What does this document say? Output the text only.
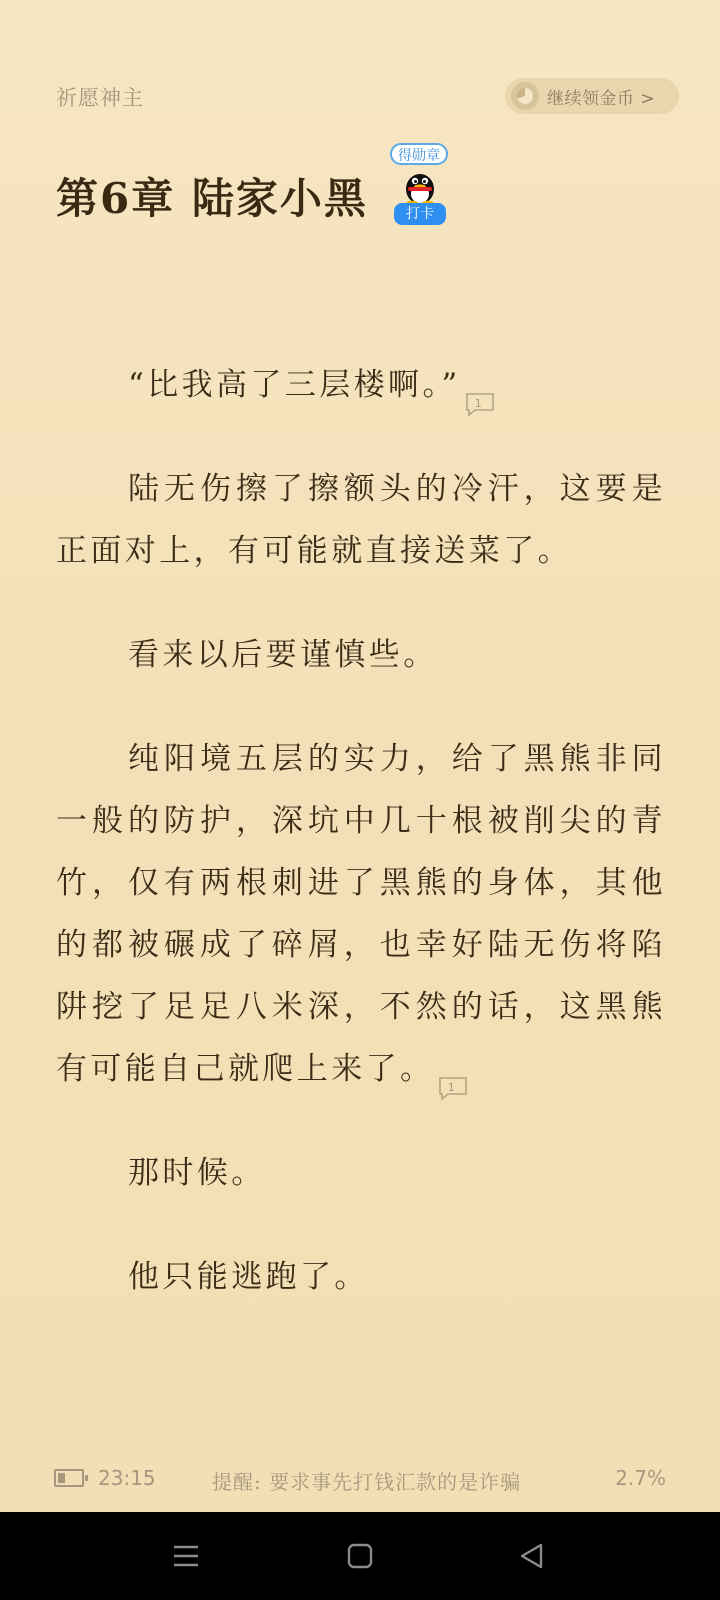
祈愿神主	继续领金币 >
第6章 陆家小黑
得勋章
打卡

“比我高了三层楼啊。” 1

陆无伤擦了擦额头的冷汗，这要是正面对上，有可能就直接送菜了。

看来以后要谨慎些。

纯阳境五层的实力，给了黑熊非同一般的防护，深坑中几十根被削尖的青竹，仅有两根刺进了黑熊的身体，其他的都被碾成了碎屑，也幸好陆无伤将陷阱挖了足足八米深，不然的话，这黑熊有可能自己就爬上来了。 1

那时候。

他只能逃跑了。

23:15	提醒: 要求事先打钱汇款的是诈骗	2.7%
